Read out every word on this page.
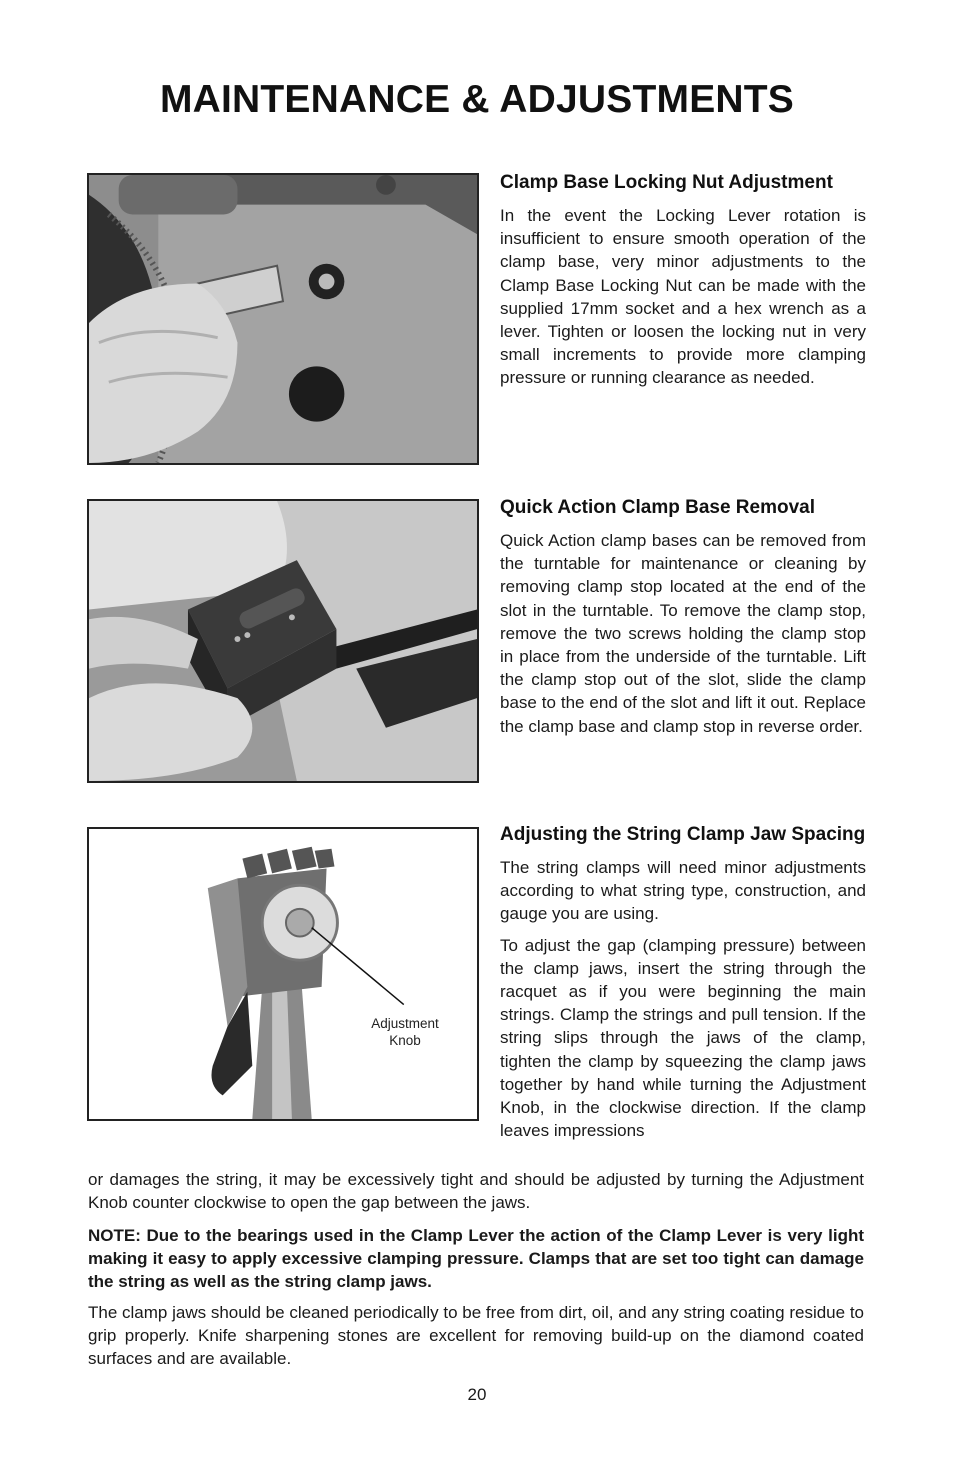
MAINTENANCE & ADJUSTMENTS
Clamp Base Locking Nut Adjustment

In the event the Locking Lever rotation is insufficient to ensure smooth operation of the clamp base, very minor adjustments to the Clamp Base Locking Nut can be made with the supplied 17mm socket and a hex wrench as a lever. Tighten or loosen the locking nut in very small increments to provide more clamping pressure or running clearance as needed.

Quick Action Clamp Base Removal

Quick Action clamp bases can be removed from the turntable for maintenance or cleaning by removing clamp stop located at the end of the slot in the turntable. To remove the clamp stop, remove the two screws holding the clamp stop in place from the underside of the turntable. Lift the clamp stop out of the slot, slide the clamp base to the end of the slot and lift it out. Replace the clamp base and clamp stop in reverse order.

Adjustment
Knob
Adjusting the String Clamp Jaw Spacing

The string clamps will need minor adjustments according to what string type, construction, and gauge you are using.

To adjust the gap (clamping pressure) between the clamp jaws, insert the string through the racquet as if you were beginning the main strings. Clamp the strings and pull tension. If the string slips through the jaws of the clamp, tighten the clamp by squeezing the clamp jaws together by hand while turning the Adjustment Knob, in the clockwise direction. If the clamp leaves impressions

or damages the string, it may be excessively tight and should be adjusted by turning the Adjustment Knob counter clockwise to open the gap between the jaws.

NOTE: Due to the bearings used in the Clamp Lever the action of the Clamp Lever is very light making it easy to apply excessive clamping pressure. Clamps that are set too tight can damage the string as well as the string clamp jaws.

The clamp jaws should be cleaned periodically to be free from dirt, oil, and any string coating residue to grip properly. Knife sharpening stones are excellent for removing build-up on the diamond coated surfaces and are available.

20
